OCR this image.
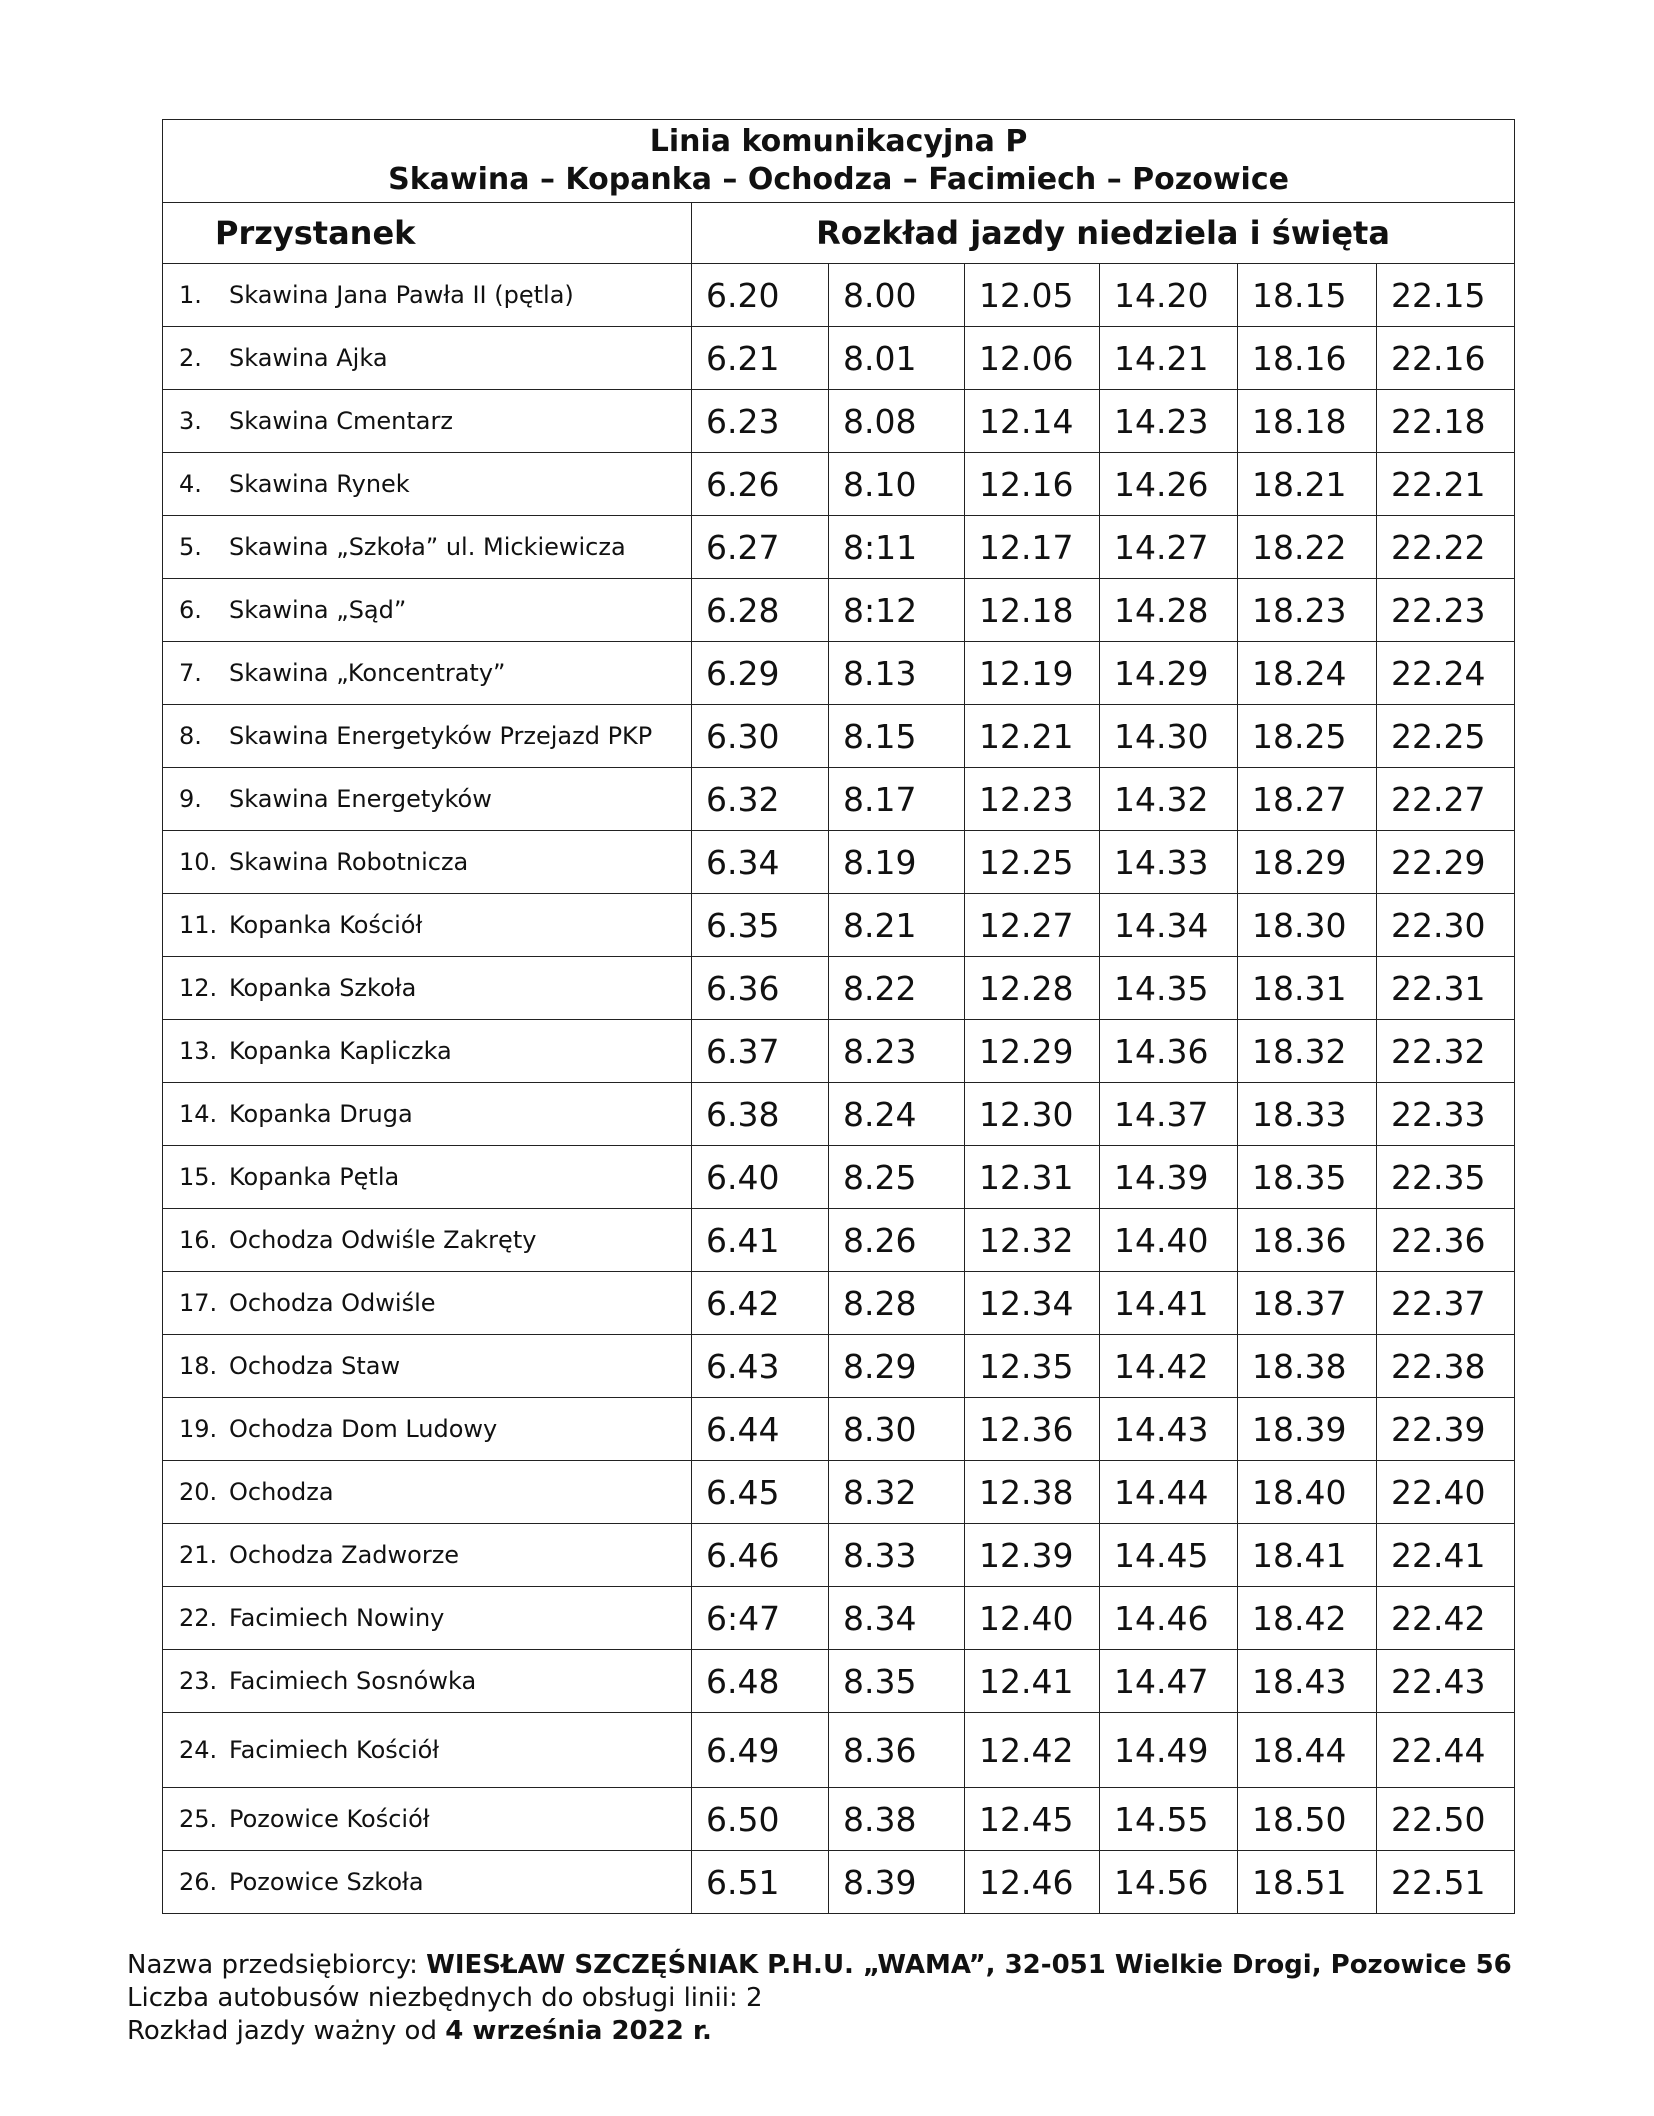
Linia komunikacyjna P
Skawina – Kopanka – Ochodza – Facimiech – Pozowice						

Przystanek	Rozkład jazdy niedziela i święta					
1. Skawina Jana Pawła II (pętla)	6.20	8.00	12.05	14.20	18.15	22.15
2. Skawina Ajka	6.21	8.01	12.06	14.21	18.16	22.16
3. Skawina Cmentarz	6.23	8.08	12.14	14.23	18.18	22.18
4. Skawina Rynek	6.26	8.10	12.16	14.26	18.21	22.21
5. Skawina „Szkoła” ul. Mickiewicza	6.27	8:11	12.17	14.27	18.22	22.22
6. Skawina „Sąd”	6.28	8:12	12.18	14.28	18.23	22.23
7. Skawina „Koncentraty”	6.29	8.13	12.19	14.29	18.24	22.24
8. Skawina Energetyków Przejazd PKP	6.30	8.15	12.21	14.30	18.25	22.25
9. Skawina Energetyków	6.32	8.17	12.23	14.32	18.27	22.27
10. Skawina Robotnicza	6.34	8.19	12.25	14.33	18.29	22.29
11. Kopanka Kościół	6.35	8.21	12.27	14.34	18.30	22.30
12. Kopanka Szkoła	6.36	8.22	12.28	14.35	18.31	22.31
13. Kopanka Kapliczka	6.37	8.23	12.29	14.36	18.32	22.32
14. Kopanka Druga	6.38	8.24	12.30	14.37	18.33	22.33
15. Kopanka Pętla	6.40	8.25	12.31	14.39	18.35	22.35
16. Ochodza Odwiśle Zakręty	6.41	8.26	12.32	14.40	18.36	22.36
17. Ochodza Odwiśle	6.42	8.28	12.34	14.41	18.37	22.37
18. Ochodza Staw	6.43	8.29	12.35	14.42	18.38	22.38
19. Ochodza Dom Ludowy	6.44	8.30	12.36	14.43	18.39	22.39
20. Ochodza	6.45	8.32	12.38	14.44	18.40	22.40
21. Ochodza Zadworze	6.46	8.33	12.39	14.45	18.41	22.41
22. Facimiech Nowiny	6:47	8.34	12.40	14.46	18.42	22.42
23. Facimiech Sosnówka	6.48	8.35	12.41	14.47	18.43	22.43
24. Facimiech Kościół	6.49	8.36	12.42	14.49	18.44	22.44
25. Pozowice Kościół	6.50	8.38	12.45	14.55	18.50	22.50
26. Pozowice Szkoła	6.51	8.39	12.46	14.56	18.51	22.51
Nazwa przedsiębiorcy: WIESŁAW SZCZĘŚNIAK P.H.U. „WAMA”, 32-051 Wielkie Drogi, Pozowice 56
Liczba autobusów niezbędnych do obsługi linii: 2
Rozkład jazdy ważny od 4 września 2022 r.
